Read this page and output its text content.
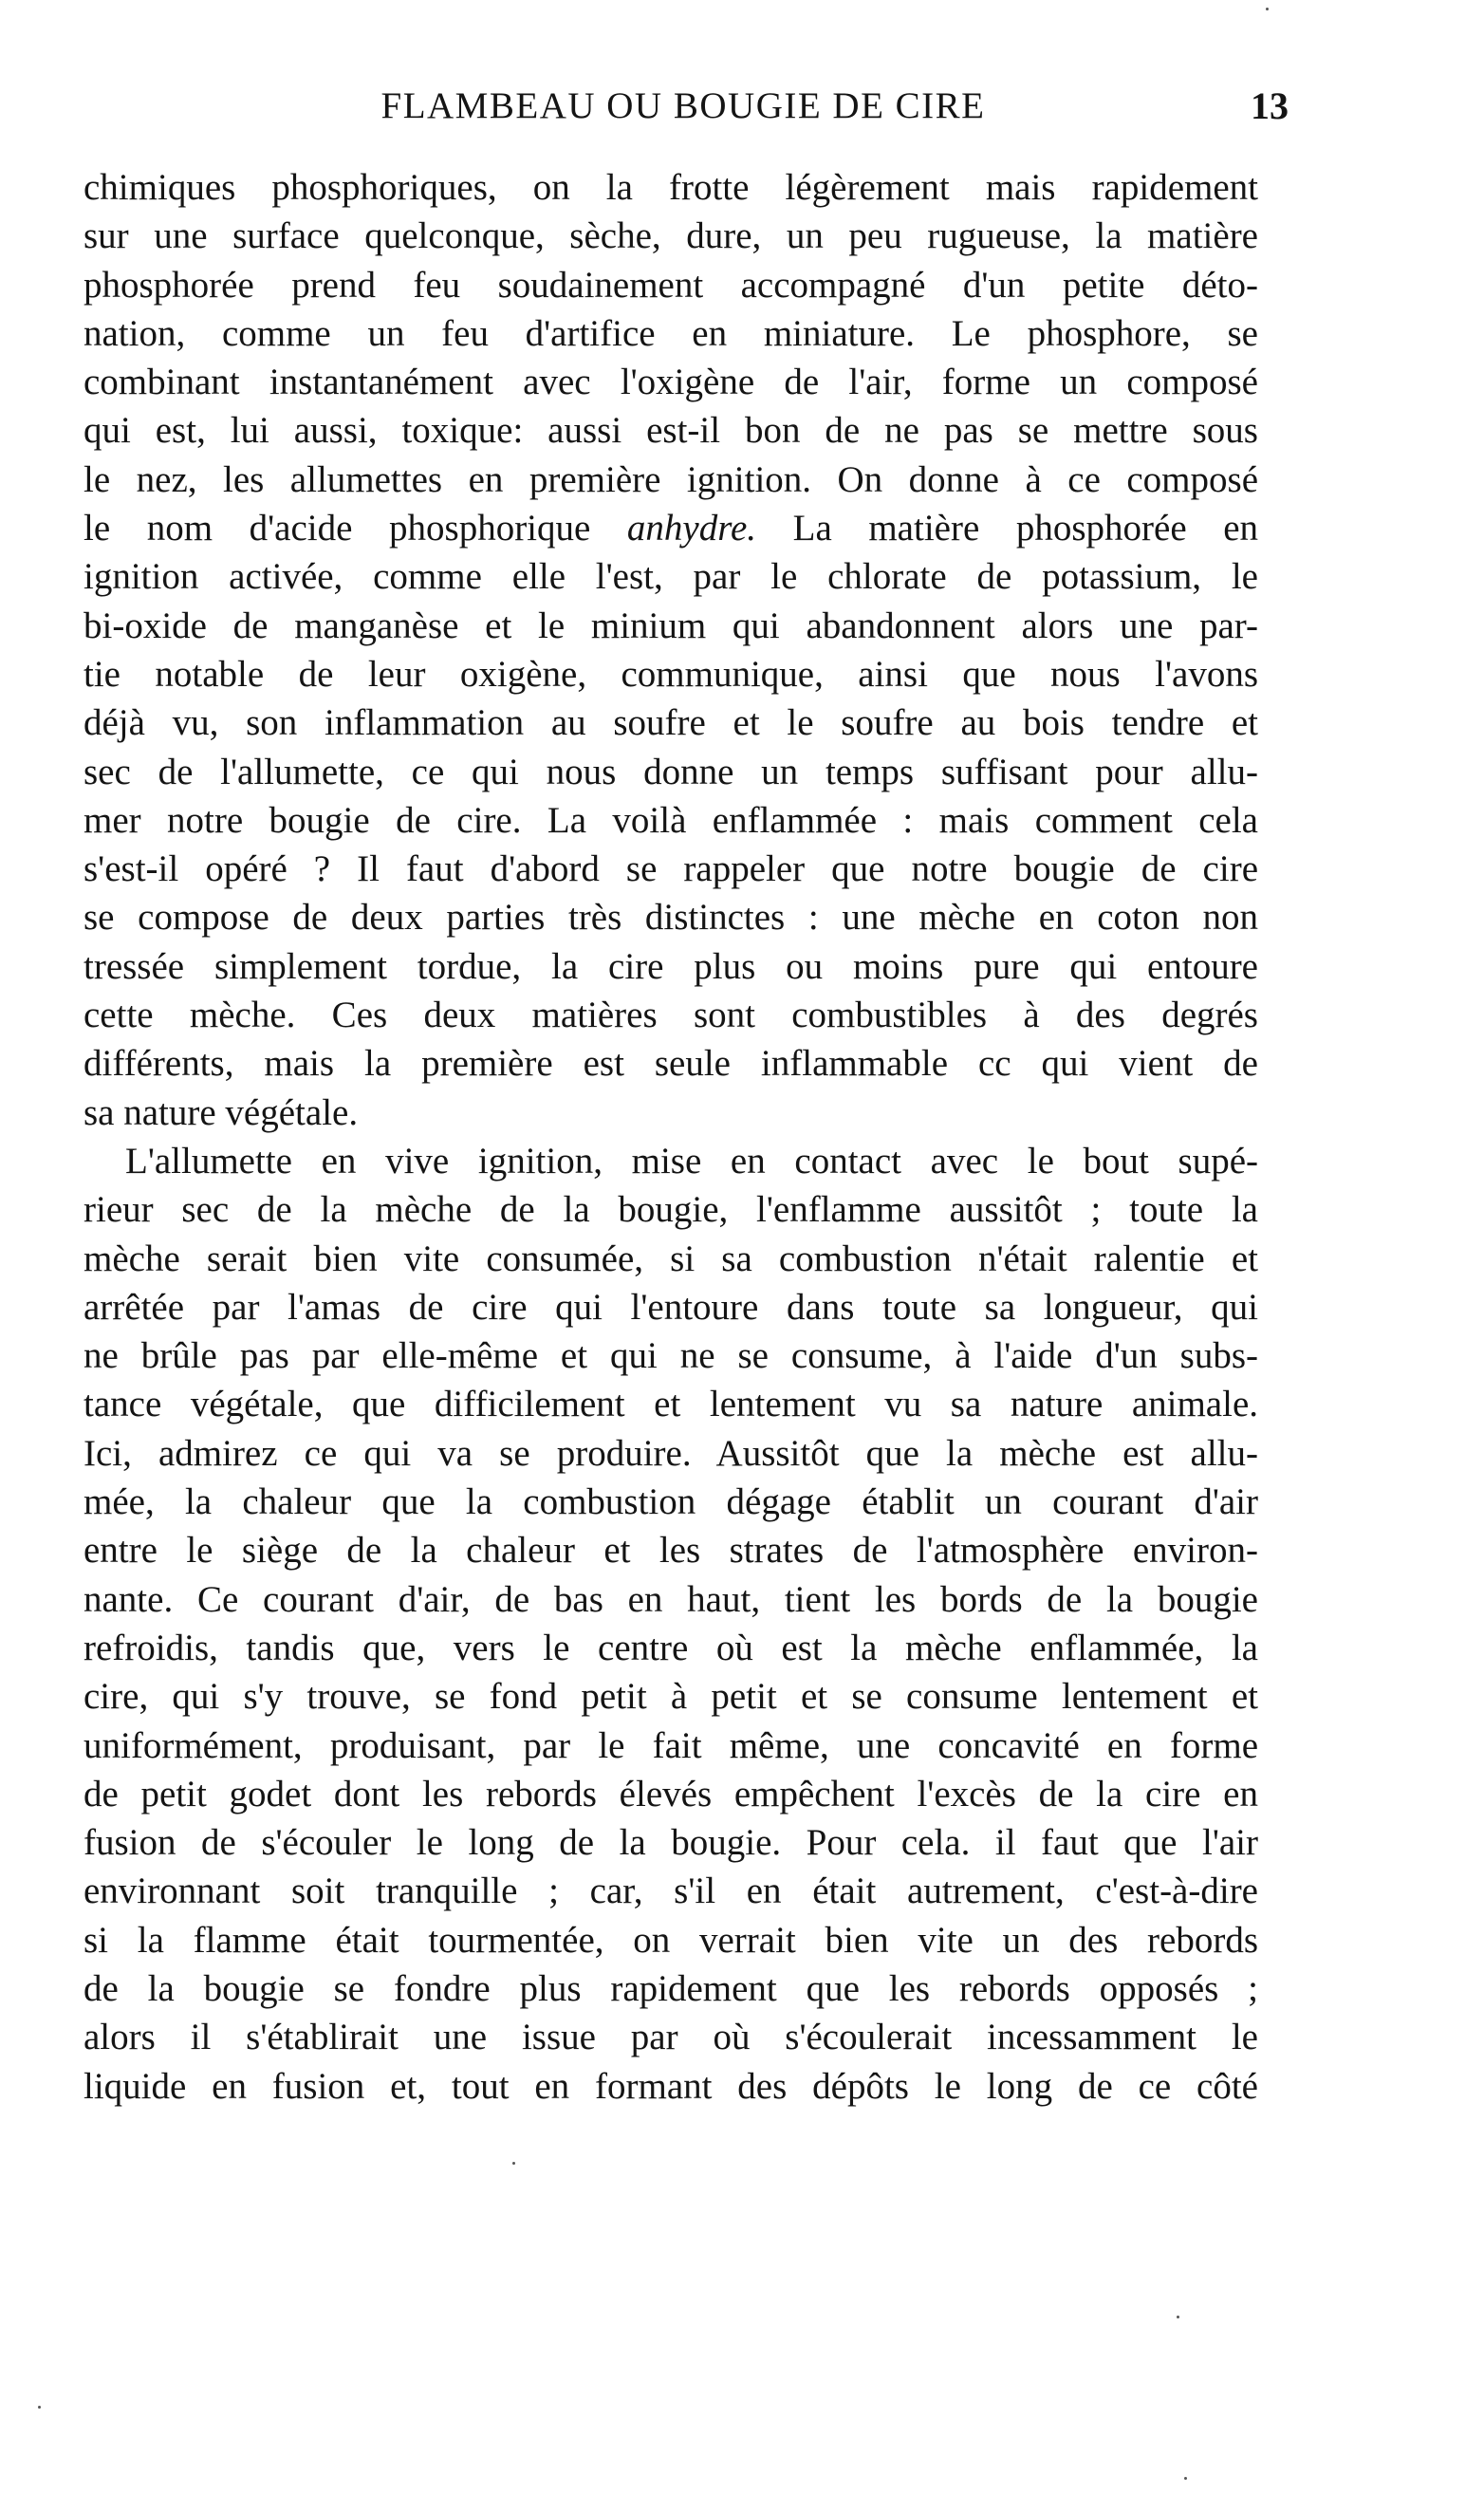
FLAMBEAU OU BOUGIE DE CIRE	13
chimiques phosphoriques, on la frotte légèrement mais rapidement
sur une surface quelconque, sèche, dure, un peu rugueuse, la matière
phosphorée prend feu soudainement accompagné d'un petite déto-
nation, comme un feu d'artifice en miniature. Le phosphore, se
combinant instantanément avec l'oxigène de l'air, forme un composé
qui est, lui aussi, toxique: aussi est-il bon de ne pas se mettre sous
le nez, les allumettes en première ignition. On donne à ce composé
le nom d'acide phosphorique anhydre. La matière phosphorée en
ignition activée, comme elle l'est, par le chlorate de potassium, le
bi-oxide de manganèse et le minium qui abandonnent alors une par-
tie notable de leur oxigène, communique, ainsi que nous l'avons
déjà vu, son inflammation au soufre et le soufre au bois tendre et
sec de l'allumette, ce qui nous donne un temps suffisant pour allu-
mer notre bougie de cire. La voilà enflammée : mais comment cela
s'est-il opéré ? Il faut d'abord se rappeler que notre bougie de cire
se compose de deux parties très distinctes : une mèche en coton non
tressée simplement tordue, la cire plus ou moins pure qui entoure
cette mèche. Ces deux matières sont combustibles à des degrés
différents, mais la première est seule inflammable cc qui vient de
sa nature végétale.
L'allumette en vive ignition, mise en contact avec le bout supé-
rieur sec de la mèche de la bougie, l'enflamme aussitôt ; toute la
mèche serait bien vite consumée, si sa combustion n'était ralentie et
arrêtée par l'amas de cire qui l'entoure dans toute sa longueur, qui
ne brûle pas par elle-même et qui ne se consume, à l'aide d'un subs-
tance végétale, que difficilement et lentement vu sa nature animale.
Ici, admirez ce qui va se produire. Aussitôt que la mèche est allu-
mée, la chaleur que la combustion dégage établit un courant d'air
entre le siège de la chaleur et les strates de l'atmosphère environ-
nante. Ce courant d'air, de bas en haut, tient les bords de la bougie
refroidis, tandis que, vers le centre où est la mèche enflammée, la
cire, qui s'y trouve, se fond petit à petit et se consume lentement et
uniformément, produisant, par le fait même, une concavité en forme
de petit godet dont les rebords élevés empêchent l'excès de la cire en
fusion de s'écouler le long de la bougie. Pour cela. il faut que l'air
environnant soit tranquille ; car, s'il en était autrement, c'est-à-dire
si la flamme était tourmentée, on verrait bien vite un des rebords
de la bougie se fondre plus rapidement que les rebords opposés ;
alors il s'établirait une issue par où s'écoulerait incessamment le
liquide en fusion et, tout en formant des dépôts le long de ce côté
